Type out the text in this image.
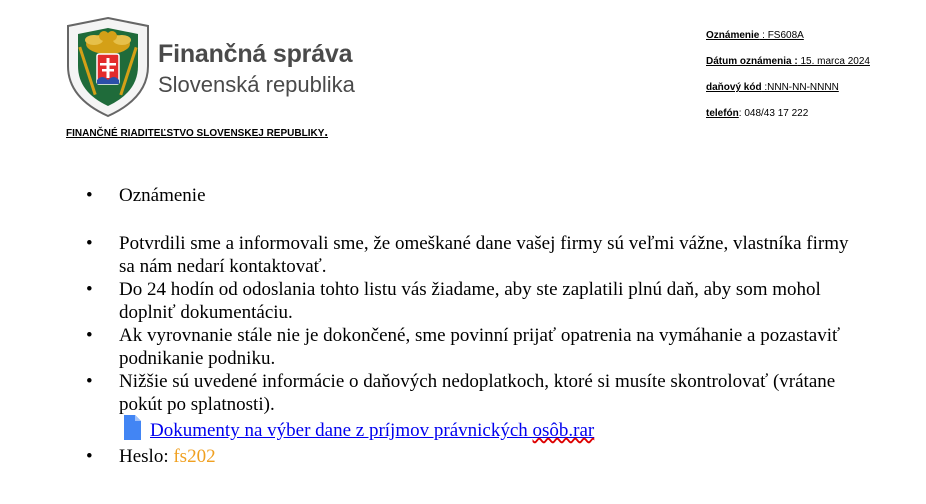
Finančná správa
Slovenská republika
FINANČNÉ RIADITEĽSTVO SLOVENSKEJ REPUBLIKY.
Oznámenie : FS608A
Dátum oznámenia : 15. marca 2024
daňový kód :NNN-NN-NNNN
telefón: 048/43 17 222
• Oznámenie
• Potvrdili sme a informovali sme, že omeškané dane vašej firmy sú veľmi vážne, vlastníka firmy sa nám nedarí kontaktovať.
• Do 24 hodín od odoslania tohto listu vás žiadame, aby ste zaplatili plnú daň, aby som mohol doplniť dokumentáciu.
• Ak vyrovnanie stále nie je dokončené, sme povinní prijať opatrenia na vymáhanie a pozastaviť podnikanie podniku.
• Nižšie sú uvedené informácie o daňových nedoplatkoch, ktoré si musíte skontrolovať (vrátane pokút po splatnosti).
Dokumenty na výber dane z príjmov právnických osôb.rar
• Heslo: fs202
